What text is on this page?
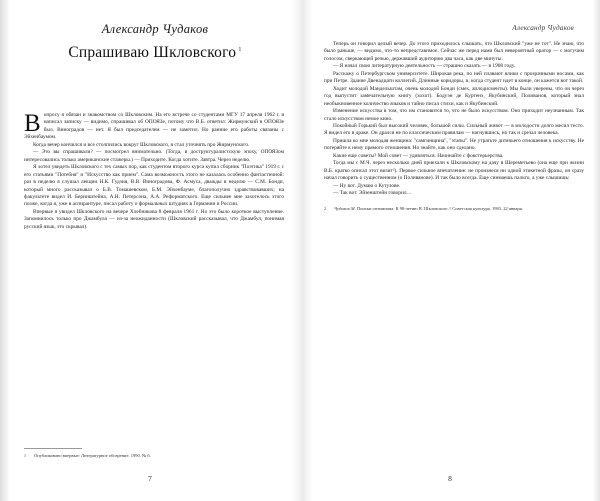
Александр Чудаков
Спрашиваю Шкловского $^1$

Вопросу я обязан и знакомством со Шкловским. На его встрече со студентами МГУ 17 апреля 1962 г. я написал записку — видимо, спрашивал об ОПОЯЗе, потому что В.Б. ответил: Жирмунский в ОПОЯЗе был. Виноградов — нет. Я был председателем — не заметил. Но ранние его работы связаны с Эйхенбаумом.

Когда вечер кончился и все столпились вокруг Шкловского, я стал уточнять про Жирмунского.

— Это вы спрашивали? — посмотрел внимательно. (Тогда, в доструктуралистскую эпоху, ОПОЯЗом интересовались только американские стажеры.) — Приходите. Когда хотите. Завтра. Через неделю.

Я хотел увидеть Шкловского с тех самых пор, как студентом второго курса купил сборник "Поэтика" 1919 г. с его статьями "Потебня" и "Искусство как прием". Сама возможность этого не казалась особенно фантастичной: раз в неделю я слушал лекции Н.К. Гудзия, В.В. Виноградова, Ф. Асмуса, дважды в неделю — С.М. Бонди, который много рассказывал о Б.В. Томашевском, Б.М. Эйхенбауме, благополучно здравствовавших; на факультете видел И. Берништейна, А.Н. Петерсона, А.А. Реформатского. Еще сильнее мне захотелось этого позже, когда я, уже в аспирантуре, писал работу о формальных штудиях в Германии и России.

Впервые я увидел Шкловского на вечере Хлебникова 8 февраля 1961 г. Но это было короткое выступление. Запомнилось только про Джамбула — из-за неожиданности (Шкловский рассказывал, что Джамбул, понимая русский язык, это скрывал).

1	Опубликовано впервые: Литературное обозрение. 1990. № 6.
7
Александр Чудаков

Теперь он говорил целый вечер. До этого приходилось слышать, что Шкловский "уже не тот". Не знаю, что было раньше, — видимо, что-то непредставимое. Сейчас же перед нами был невероятный оратор — с могучим голосом, сверкающей речью, державший аудиторию два часа, как две минуты.

— Я начал свою литературную деятельность — страшно сказать — в 1908 году.

Расскажу о Петербургском университете. Широкая река, по ней плавают ялики с прозрачными носами, как при Петре. Здание Двенадцати коллегий. Длинные коридоры, и, когда студент идет в конце, он кажется вот такой.

Ходит молодой Мандельштам, очень молодой Бонди (смех, аплодисменты). Мы были уверены, что он через год выпустит замечательную книгу (хохот). Бодуэн де Куртенэ, Якубинский, Поливанов, который знал необыкновенное количество языков и тайно писал стихи, как и Якубинский.

Изменение искусства в том, что им становится то, что не было искусством. Оно приходит неузнанным. Так стало искусством немое кино.

Покойный Горький был высокий человек, большой силы. Сильный живот — в молодости долго месил тесто. Я видел его в драке. Он дрался не по классическим правилам — нагнувшись, но так и срезал человека.

Пришла ко мне молодая женщина: "самгинщина", "этапы". Не утратьте дитячьего отношения к искусству. Не потеряйте к нему прямого отношения. Но знайте, как оно сделано.

Какие еще советы? Мой совет — удивляться. Начинайте с фокстерьерства.

Тогда мы с М.Ч. через несколько дней приехали к Шкловскому на дачу в Шереметьево (она еще при жизни В.Б. кратко описал этот визит²). Первое сильное впечатление: не произнеся ни одной этикетной фразы, он сразу начал говорить о существенном (о Поливанове). И так было всегда. Еще снимаешь пальто, а уже слышишь:

— Ну вот. Думаю о Кутузове.

— Так вот. Эйзенштейн говорил…

2	Чудаков М. Поиски оптимизма. К 90-летию В. Шкловского // Советская культура. 1983. 22 января.
8
